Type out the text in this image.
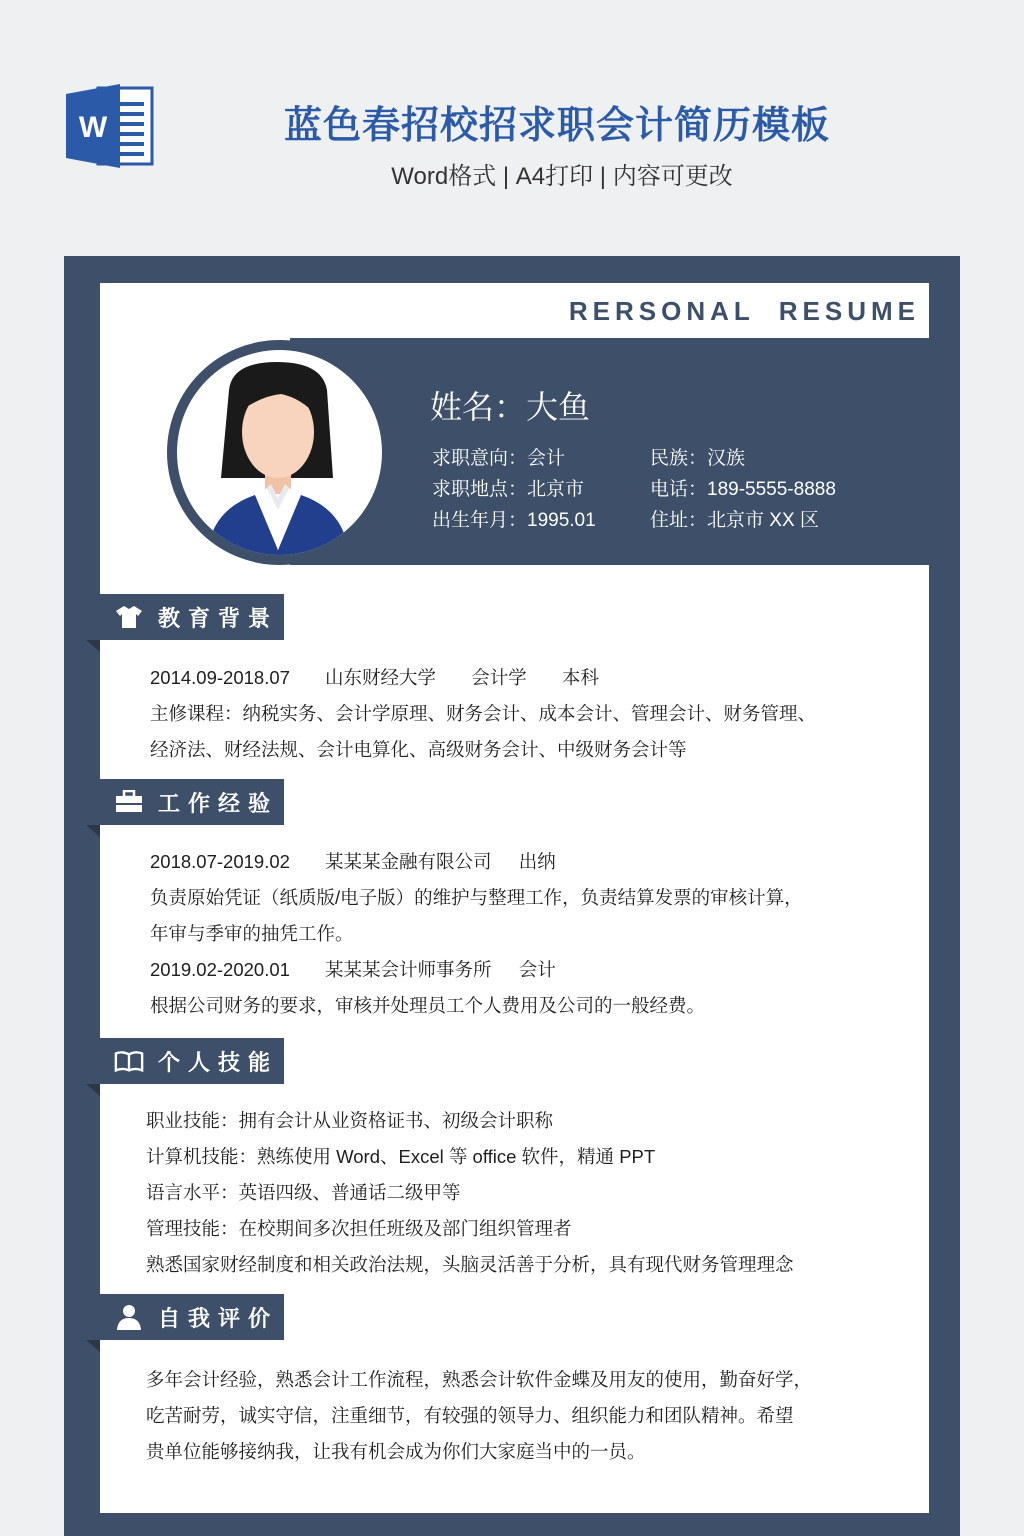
W	蓝色春招校招求职会计简历模板
Word格式 | A4打印 | 内容可更改
RERSONAL  RESUME
姓名：大鱼
求职意向：会计	民族：汉族
求职地点：北京市	电话：189-5555-8888
出生年月：1995.01	住址：北京市 XX 区
教育背景
2014.09-2018.07 山东财经大学 会计学 本科
主修课程：纳税实务、会计学原理、财务会计、成本会计、管理会计、财务管理、
经济法、财经法规、会计电算化、高级财务会计、中级财务会计等
工作经验
2018.07-2019.02 某某某金融有限公司 出纳
负责原始凭证（纸质版/电子版）的维护与整理工作，负责结算发票的审核计算，
年审与季审的抽凭工作。
2019.02-2020.01 某某某会计师事务所 会计
根据公司财务的要求，审核并处理员工个人费用及公司的一般经费。
个人技能
职业技能：拥有会计从业资格证书、初级会计职称
计算机技能：熟练使用 Word、Excel 等 office 软件，精通 PPT
语言水平：英语四级、普通话二级甲等
管理技能：在校期间多次担任班级及部门组织管理者
熟悉国家财经制度和相关政治法规，头脑灵活善于分析，具有现代财务管理理念
自我评价
多年会计经验，熟悉会计工作流程，熟悉会计软件金蝶及用友的使用，勤奋好学，
吃苦耐劳，诚实守信，注重细节，有较强的领导力、组织能力和团队精神。希望
贵单位能够接纳我，让我有机会成为你们大家庭当中的一员。
